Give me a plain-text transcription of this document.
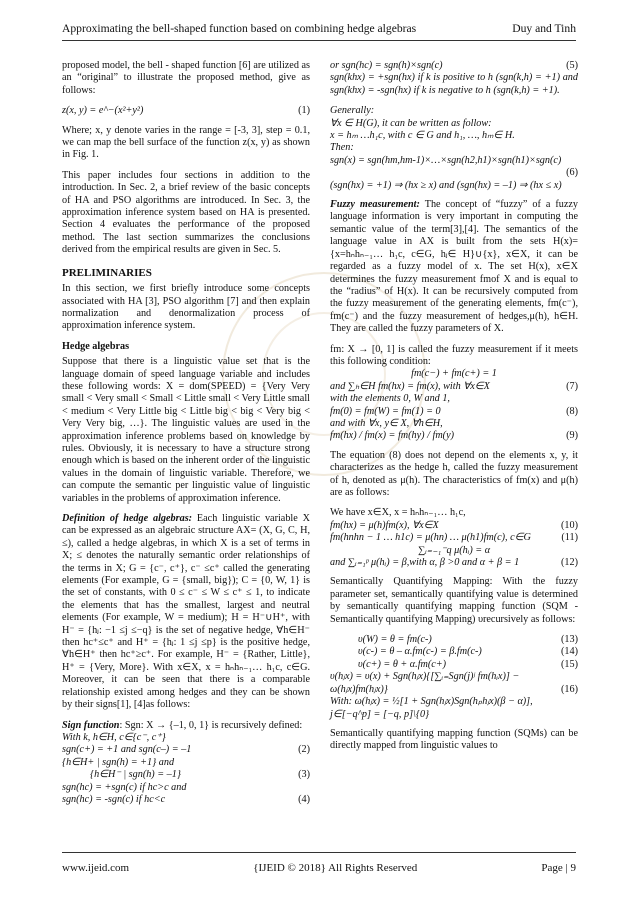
Approximating the bell-shaped function based on combining hedge algebras	Duy and Tinh

proposed model, the bell - shaped function [6] are utilized as an “original” to illustrate the proposed method, give as follows:

z(x, y) = e^−(x²+y²)	(1)

Where; x, y denote varies in the range = [-3, 3], step = 0.1, we can map the bell surface of the function z(x, y) as shown in Fig. 1.

This paper includes four sections in addition to the introduction. In Sec. 2, a brief review of the basic concepts of HA and PSO algorithms are introduced. In Sec. 3, the approximation inference system based on HA is presented. Section 4 evaluates the performance of the proposed method. The last section summarizes the conclusions derived from the empirical results are given in Sec. 5.

PRELIMINARIES

In this section, we first briefly introduce some concepts associated with HA [3], PSO algorithm [7] and then explain normalization and denormalization process of approximation inference system.

Hedge algebras

Suppose that there is a linguistic value set that is the language domain of speed language variable and includes these following words: X = dom(SPEED) = {Very Very small < Very small < Small < Little small < Very Little small < medium < Very Little big < Little big < big < Very big < Very Very big, …}. The linguistic values are used in the approximation inference problems based on knowledge by rules. Obviously, it is necessary to have a structure strong enough which is based on the inherent order of the linguistic values in the domain of linguistic variable. Therefore, we can compute the semantic per linguistic value of linguistic variables in the problems of approximation inference.

Definition of hedge algebras: Each linguistic variable X can be expressed as an algebraic structure AX= (X, G, C, H, ≤), called a hedge algebras, in which X is a set of terms in X; ≤ denotes the naturally semantic order relationships of the terms in X; G = {c⁻, c⁺}, c⁻ ≤c⁺ called the generating elements (For example, G = {small, big}); C = {0, W, 1} is the set of constants, with 0 ≤ c⁻ ≤ W ≤ c⁺ ≤ 1, to indicate the elements that has the smallest, largest and neutral elements (For example, W = medium); H = H⁻∪H⁺, with H⁻ = {hⱼ: −1 ≤j ≤−q} is the set of negative hedge, ∀h∈H⁻ then hc⁺≤c⁺ and H⁺ = {hⱼ: 1 ≤j ≤p} is the positive hedge, ∀h∈H⁺ then hc⁺≥c⁺. For example, H⁻ = {Rather, Little}, H⁺ = {Very, More}. With x∈X, x = hₙhₙ₋₁… h₁c, c∈G. Moreover, it can be seen that there is a comparable relationship existed among hedges and they can be shown by their signs[1], [4]as follows:

Sign function: Sgn: X → {–1, 0, 1} is recursively defined:
With k, h∈H, c∈{c⁻, c⁺}
sgn(c+) = +1 and sgn(c–) = –1	(2)
{h∈H+ | sgn(h) = +1} and
{h∈H⁻ | sgn(h) = –1}	(3)
sgn(hc) = +sgn(c) if hc>c and
sgn(hc) = -sgn(c) if hc<c	(4)
or sgn(hc) = sgn(h)×sgn(c)	(5)

sgn(khx) = +sgn(hx) if k is positive to h (sgn(k,h) = +1) and sgn(khx) = -sgn(hx) if k is negative to h (sgn(k,h) = +1).

Generally:
∀x ∈ H(G), it can be written as follow:
x = hₘ …h₁c, with c ∈ G and h₁, …, hₘ∈ H.
Then:
sgn(x) = sgn(hm,hm-1)×…×sgn(h2,h1)×sgn(h1)×sgn(c)
(6)
(sgn(hx) = +1) ⇒ (hx ≥ x) and (sgn(hx) = –1) ⇒ (hx ≤ x)

Fuzzy measurement: The concept of “fuzzy” of a fuzzy language information is very important in computing the semantic value of the term[3],[4]. The semantics of the language value in AX is built from the sets H(x)={x=hₙhₙ₋₁… h₁c, c∈G, hⱼ∈ H}∪{x}, x∈X, it can be regarded as a fuzzy model of x. The set H(x), x∈X determines the fuzzy measurement fmof X and is equal to the “radius” of H(x). It can be recursively computed from the fuzzy measurement of the generating elements, fm(c⁻), fm(c⁻) and the fuzzy measurement of hedges,μ(h), h∈H. They are called the fuzzy parameters of X.

fm: X → [0, 1] is called the fuzzy measurement if it meets this following condition:
fm(c−) + fm(c+) = 1
and ∑ₕ∈H fm(hx) = fm(x), with ∀x∈X	(7)
with the elements 0, W and 1,
fm(0) = fm(W) = fm(1) = 0	(8)
and with ∀x, y∈ X, ∀h∈H,
fm(hx) / fm(x) = fm(hy) / fm(y)	(9)

The equation (8) does not depend on the elements x, y, it characterizes as the hedge h, called the fuzzy measurement of h, denoted as μ(h). The characteristics of fm(x) and μ(h) are as follows:

We have x∈X, x = hₙhₙ₋₁… h₁c,
fm(hx) = μ(h)fm(x), ∀x∈X	(10)
fm(hnhn − 1 … h1c) = μ(hn) … μ(h1)fm(c), c∈G	(11)
∑ᵢ₌₋₁⁻q μ(hᵢ) = α
and ∑ᵢ₌₁ᵖ μ(hᵢ) = β,with α, β >0 and α + β = 1	(12)

Semantically Quantifying Mapping: With the fuzzy parameter set, semantically quantifying value is determined by semantically quantifying mapping function (SQM - Semantically quantifying Mapping) υrecursively as follows:

υ(W) = θ = fm(c-)	(13)
υ(c-) = θ – α.fm(c-) = β.fm(c-)	(14)
υ(c+) = θ + α.fm(c+)	(15)
υ(hⱼx) = υ(x) + Sgn(hⱼx){[∑ᵢ₌Sgn(j)ʲ fm(hᵢx)] −
ω(hⱼx)fm(hⱼx)}	(16)
With: ω(hⱼx) = ½[1 + Sgn(hⱼx)Sgn(hₚhⱼx)(β − α)],
j∈[−q^p] = [−q, p]\{0}

Semantically quantifying mapping function (SQMs) can be directly mapped from linguistic values to

www.ijeid.com	{IJEID © 2018} All Rights Reserved	Page | 9
